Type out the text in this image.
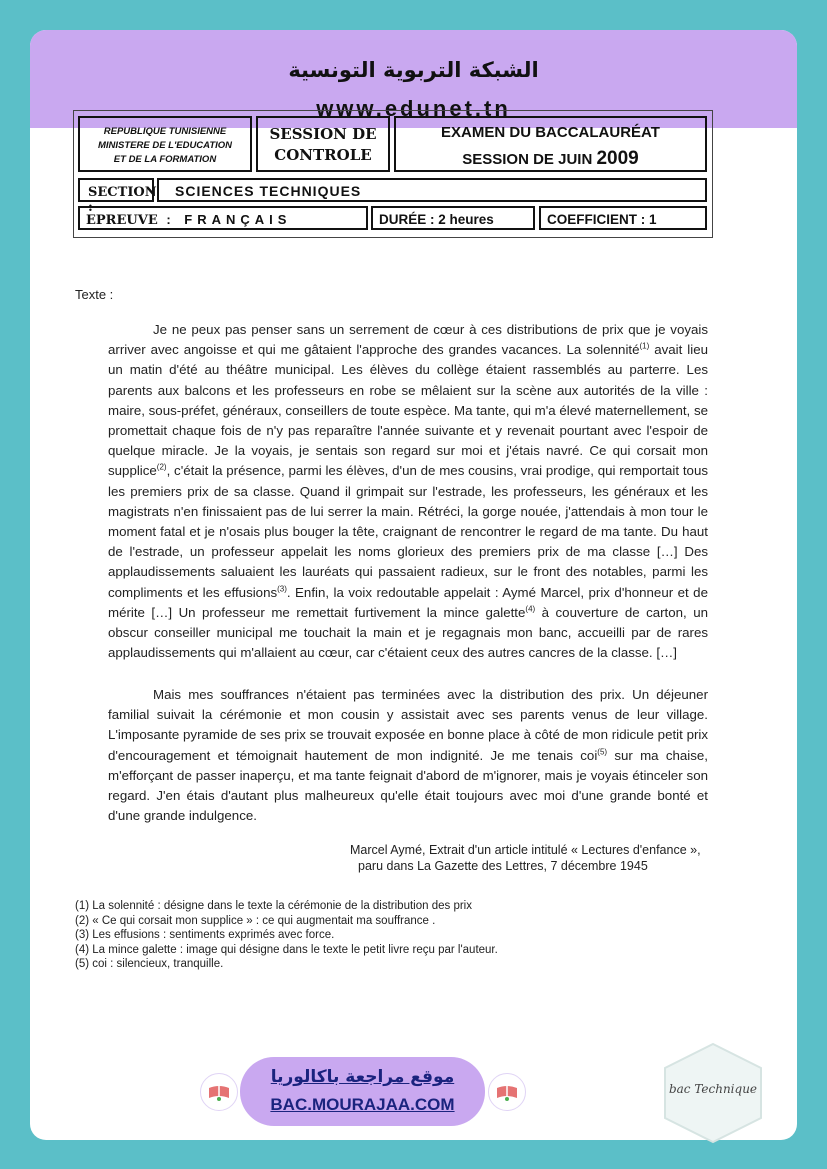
الشبكة التربوية التونسية
www.edunet.tn
REPUBLIQUE TUNISIENNE
MINISTERE DE L'EDUCATION
ET DE LA FORMATION
SESSION DE
CONTROLE
EXAMEN DU BACCALAURÉAT
SESSION DE JUIN 2009
SECTION :
SCIENCES TECHNIQUES
EPREUVE : FRANÇAIS	DURÉE : 2 heures	COEFFICIENT : 1
Texte :
Je ne peux pas penser sans un serrement de cœur à ces distributions de prix que je voyais arriver avec angoisse et qui me gâtaient l'approche des grandes vacances. La solennité$^{(1)}$ avait lieu un matin d'été au théâtre municipal. Les élèves du collège étaient rassemblés au parterre. Les parents aux balcons et les professeurs en robe se mêlaient sur la scène aux autorités de la ville : maire, sous-préfet, généraux, conseillers de toute espèce. Ma tante, qui m'a élevé maternellement, se promettait chaque fois de n'y pas reparaître l'année suivante et y revenait pourtant avec l'espoir de quelque miracle. Je la voyais, je sentais son regard sur moi et j'étais navré. Ce qui corsait mon supplice$^{(2)}$, c'était la présence, parmi les élèves, d'un de mes cousins, vrai prodige, qui remportait tous les premiers prix de sa classe. Quand il grimpait sur l'estrade, les professeurs, les généraux et les magistrats n'en finissaient pas de lui serrer la main. Rétréci, la gorge nouée, j'attendais à mon tour le moment fatal et je n'osais plus bouger la tête, craignant de rencontrer le regard de ma tante. Du haut de l'estrade, un professeur appelait les noms glorieux des premiers prix de ma classe […] Des applaudissements saluaient les lauréats qui passaient radieux, sur le front des notables, parmi les compliments et les effusions$^{(3)}$. Enfin, la voix redoutable appelait : Aymé Marcel, prix d'honneur et de mérite […] Un professeur me remettait furtivement la mince galette$^{(4)}$ à couverture de carton, un obscur conseiller municipal me touchait la main et je regagnais mon banc, accueilli par de rares applaudissements qui m'allaient au cœur, car c'étaient ceux des autres cancres de la classe. […]
Mais mes souffrances n'étaient pas terminées avec la distribution des prix. Un déjeuner familial suivait la cérémonie et mon cousin y assistait avec ses parents venus de leur village. L'imposante pyramide de ses prix se trouvait exposée en bonne place à côté de mon ridicule petit prix d'encouragement et témoignait hautement de mon indignité. Je me tenais coi$^{(5)}$ sur ma chaise, m'efforçant de passer inaperçu, et ma tante feignait d'abord de m'ignorer, mais je voyais étinceler son regard. J'en étais d'autant plus malheureux qu'elle était toujours avec moi d'une grande bonté et d'une grande indulgence.
Marcel Aymé, Extrait d'un article intitulé « Lectures d'enfance »,
paru dans La Gazette des Lettres, 7 décembre 1945
(1) La solennité : désigne dans le texte la cérémonie de la distribution des prix
(2) « Ce qui corsait mon supplice » : ce qui augmentait ma souffrance .
(3) Les effusions : sentiments exprimés avec force.
(4) La mince galette : image qui désigne dans le texte le petit livre reçu par l'auteur.
(5) coi : silencieux, tranquille.
موقع مراجعة باكالوريا
BAC.MOURAJAA.COM
bac Technique
